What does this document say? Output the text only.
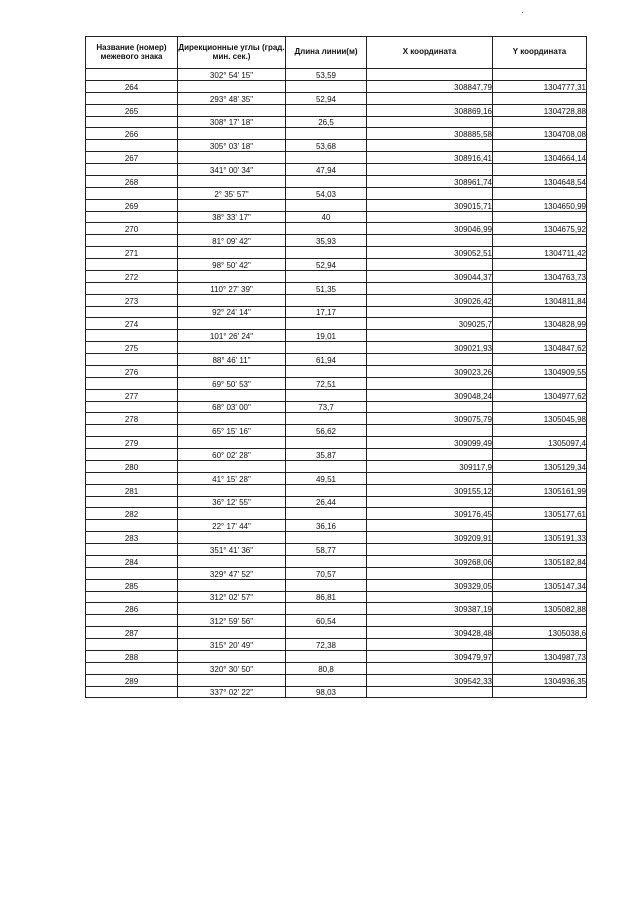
Название (номер) межевого знака	Дирекционные углы (град. мин. сек.)	Длина линии(м)	X координата	Y координата
	302° 54' 15"	53,59		
264			308847,79	1304777,31
	293° 48' 35"	52,94		
265			308869,16	1304728,88
	308° 17' 18"	26,5		
266			308885,58	1304708,08
	305° 03' 18"	53,68		
267			308916,41	1304664,14
	341° 00' 34"	47,94		
268			308961,74	1304648,54
	2° 35' 57"	54,03		
269			309015,71	1304650,99
	38° 33' 17"	40		
270			309046,99	1304675,92
	81° 09' 42"	35,93		
271			309052,51	1304711,42
	98° 50' 42"	52,94		
272			309044,37	1304763,73
	110° 27' 39"	51,35		
273			309026,42	1304811,84
	92° 24' 14"	17,17		
274			309025,7	1304828,99
	101° 26' 24"	19,01		
275			309021,93	1304847,62
	88° 46' 11"	61,94		
276			309023,26	1304909,55
	69° 50' 53"	72,51		
277			309048,24	1304977,62
	68° 03' 00"	73,7		
278			309075,79	1305045,98
	65° 15' 16"	56,62		
279			309099,49	1305097,4
	60° 02' 28"	35,87		
280			309117,9	1305129,34
	41° 15' 28"	49,51		
281			309155,12	1305161,99
	36° 12' 55"	26,44		
282			309176,45	1305177,61
	22° 17' 44"	36,16		
283			309209,91	1305191,33
	351° 41' 36"	58,77		
284			309268,06	1305182,84
	329° 47' 52"	70,57		
285			309329,05	1305147,34
	312° 02' 57"	86,81		
286			309387,19	1305082,88
	312° 59' 56"	60,54		
287			309428,48	1305038,6
	315° 20' 49"	72,38		
288			309479,97	1304987,73
	320° 30' 50"	80,8		
289			309542,33	1304936,35
	337° 02' 22"	98,03		
